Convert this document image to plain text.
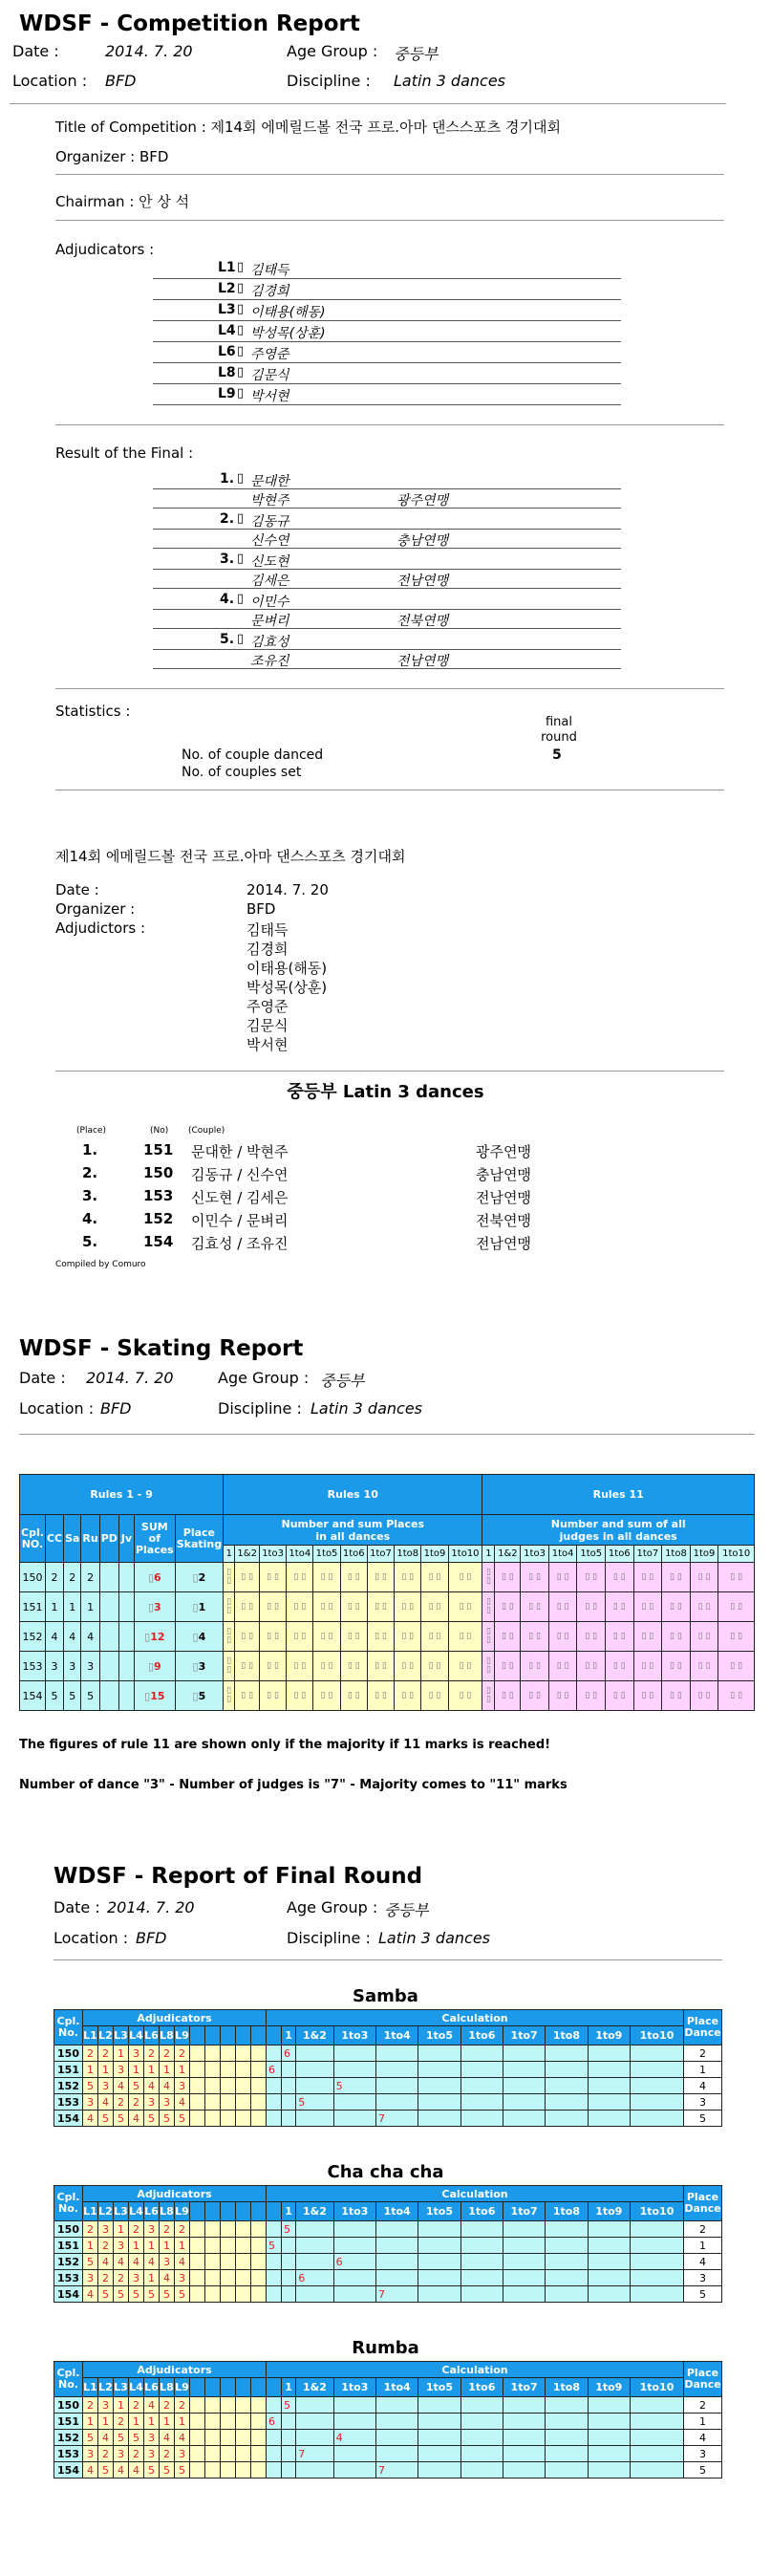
WDSF - Competition Report
Date :	2014. 7. 20	Age Group : 중등부
Location : BFD	Discipline : Latin 3 dances
Title of Competition : 제14회 에메릴드볼 전국 프로.아마 댄스스포츠 경기대회
Organizer : BFD
Chairman : 안 상 석
Adjudicators :
L1 ▯ 김태득
L2 ▯ 김경희
L3 ▯ 이태용(해동)
L4 ▯ 박성목(상훈)
L6 ▯ 주영준
L8 ▯ 김문식
L9 ▯ 박서현
Result of the Final :
1. ▯ 문대한
박현주	광주연맹
2. ▯ 김동규
신수연	충남연맹
3. ▯ 신도현
김세은	전남연맹
4. ▯ 이민수
문벼리	전북연맹
5. ▯ 김효성
조유진	전남연맹
Statistics :
final round
No. of couple danced	5
No. of couples set
제14회 에메릴드볼 전국 프로.아마 댄스스포츠 경기대회
Date :	2014. 7. 20
Organizer :	BFD
Adjudictors :	김태득
김경희
이태용(해동)
박성목(상훈)
주영준
김문식
박서현
중등부 Latin 3 dances
(Place)	(No) (Couple)
1.	151 문대한 / 박현주	광주연맹
2.	150 김동규 / 신수연	충남연맹
3.	153 신도현 / 김세은	전남연맹
4.	152 이민수 / 문벼리	전북연맹
5.	154 김효성 / 조유진	전남연맹
Compiled by Comuro
WDSF - Skating Report
Date : 2014. 7. 20	Age Group : 중등부
Location : BFD	Discipline : Latin 3 dances
Rules 1 - 9								Rules 10										Rules 11									
Cpl. NO.	CC	Sa	Ru	PD	Jv	SUM of Places	Place Skating	Number and sum Places in all dances										Number and sum of all judges in all dances									
								1	1&2	1to3	1to4	1to5	1to6	1to7	1to8	1to9	1to10	1	1&2	1to3	1to4	1to5	1to6	1to7	1to8	1to9	1to10
150	2	2	2			▯6	▯2	▯ ▯	▯ ▯	▯ ▯	▯ ▯	▯ ▯	▯ ▯	▯ ▯	▯ ▯	▯ ▯	▯ ▯	▯ ▯	▯ ▯	▯ ▯	▯ ▯	▯ ▯	▯ ▯	▯ ▯	▯ ▯	▯ ▯	▯ ▯
151	1	1	1			▯3	▯1	▯ ▯	▯ ▯	▯ ▯	▯ ▯	▯ ▯	▯ ▯	▯ ▯	▯ ▯	▯ ▯	▯ ▯	▯ ▯	▯ ▯	▯ ▯	▯ ▯	▯ ▯	▯ ▯	▯ ▯	▯ ▯	▯ ▯	▯ ▯
152	4	4	4			▯12	▯4	▯ ▯	▯ ▯	▯ ▯	▯ ▯	▯ ▯	▯ ▯	▯ ▯	▯ ▯	▯ ▯	▯ ▯	▯ ▯	▯ ▯	▯ ▯	▯ ▯	▯ ▯	▯ ▯	▯ ▯	▯ ▯	▯ ▯	▯ ▯
153	3	3	3			▯9	▯3	▯ ▯	▯ ▯	▯ ▯	▯ ▯	▯ ▯	▯ ▯	▯ ▯	▯ ▯	▯ ▯	▯ ▯	▯ ▯	▯ ▯	▯ ▯	▯ ▯	▯ ▯	▯ ▯	▯ ▯	▯ ▯	▯ ▯	▯ ▯
154	5	5	5			▯15	▯5	▯ ▯	▯ ▯	▯ ▯	▯ ▯	▯ ▯	▯ ▯	▯ ▯	▯ ▯	▯ ▯	▯ ▯	▯ ▯	▯ ▯	▯ ▯	▯ ▯	▯ ▯	▯ ▯	▯ ▯	▯ ▯	▯ ▯	▯ ▯
The figures of rule 11 are shown only if the majority if 11 marks is reached!
Number of dance "3" - Number of judges is "7" - Majority comes to "11" marks
WDSF - Report of Final Round
Date : 2014. 7. 20	Age Group : 중등부
Location : BFD	Discipline : Latin 3 dances
Samba
Cpl. No.	Adjudicators												Calculation											Place Dance
	L1	L2	L3	L4	L6	L8	L9							1	1&2	1to3	1to4	1to5	1to6	1to7	1to8	1to9	1to10	
150	2	2	1	3	2	2	2							6										2
151	1	1	3	1	1	1	1						6											1
152	5	3	4	5	4	4	3									5								4
153	3	4	2	2	3	3	4								5									3
154	4	5	5	4	5	5	5										7							5
Cha cha cha
Cpl. No.	Adjudicators												Calculation											Place Dance
	L1	L2	L3	L4	L6	L8	L9							1	1&2	1to3	1to4	1to5	1to6	1to7	1to8	1to9	1to10	
150	2	3	1	2	3	2	2							5										2
151	1	2	3	1	1	1	1						5											1
152	5	4	4	4	4	3	4									6								4
153	3	2	2	3	1	4	3								6									3
154	4	5	5	5	5	5	5										7							5
Rumba
Cpl. No.	Adjudicators												Calculation											Place Dance
	L1	L2	L3	L4	L6	L8	L9							1	1&2	1to3	1to4	1to5	1to6	1to7	1to8	1to9	1to10	
150	2	3	1	2	4	2	2							5										2
151	1	1	2	1	1	1	1						6											1
152	5	4	5	5	3	4	4									4								4
153	3	2	3	2	3	2	3								7									3
154	4	5	4	4	5	5	5										7							5
